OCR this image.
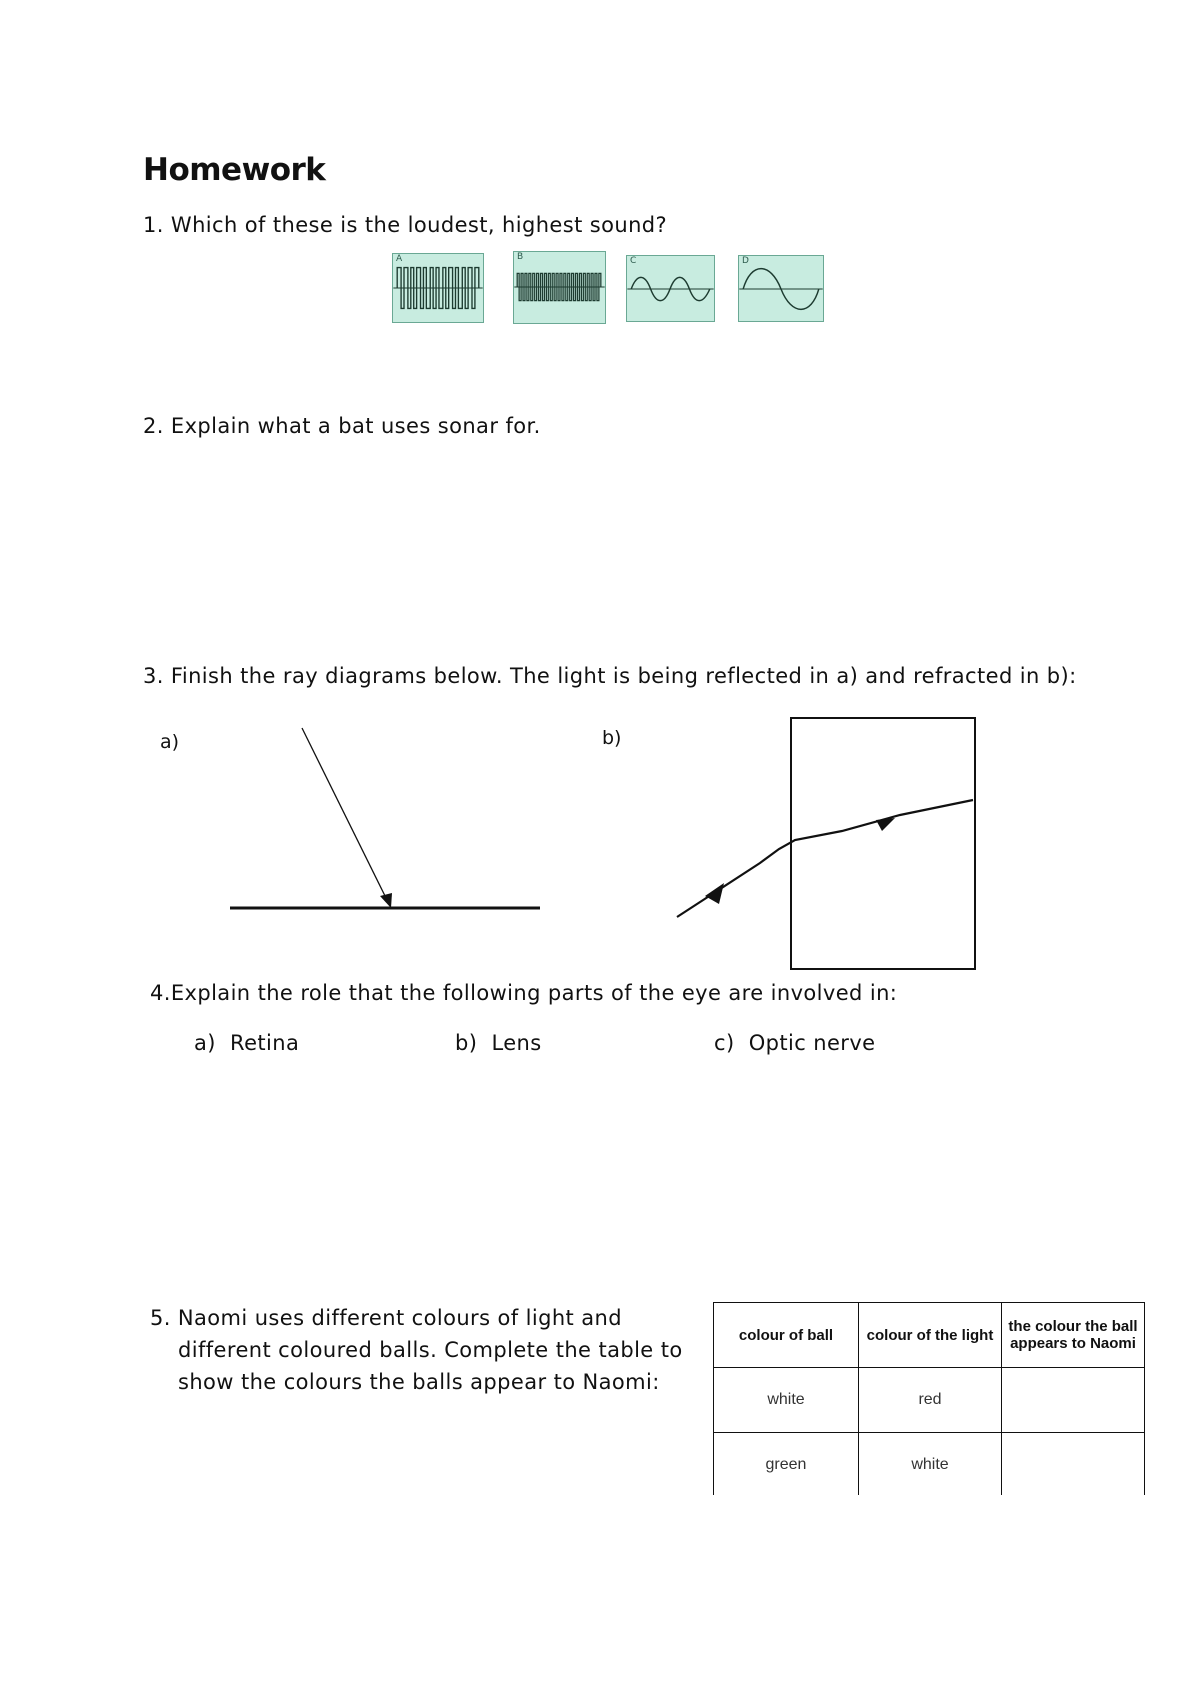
Homework
1. Which of these is the loudest, highest sound?
A	B	C	D
2. Explain what a bat uses sonar for.
3. Finish the ray diagrams below. The light is being reflected in a) and refracted in b):
a)	b)
4.Explain the role that the following parts of the eye are involved in:
a) Retina	b) Lens	c) Optic nerve
5. Naomi uses different colours of light and
different coloured balls. Complete the table to
show the colours the balls appear to Naomi:
colour of ball	colour of the light	the colour the ball appears to Naomi
white	red	
green	white	
